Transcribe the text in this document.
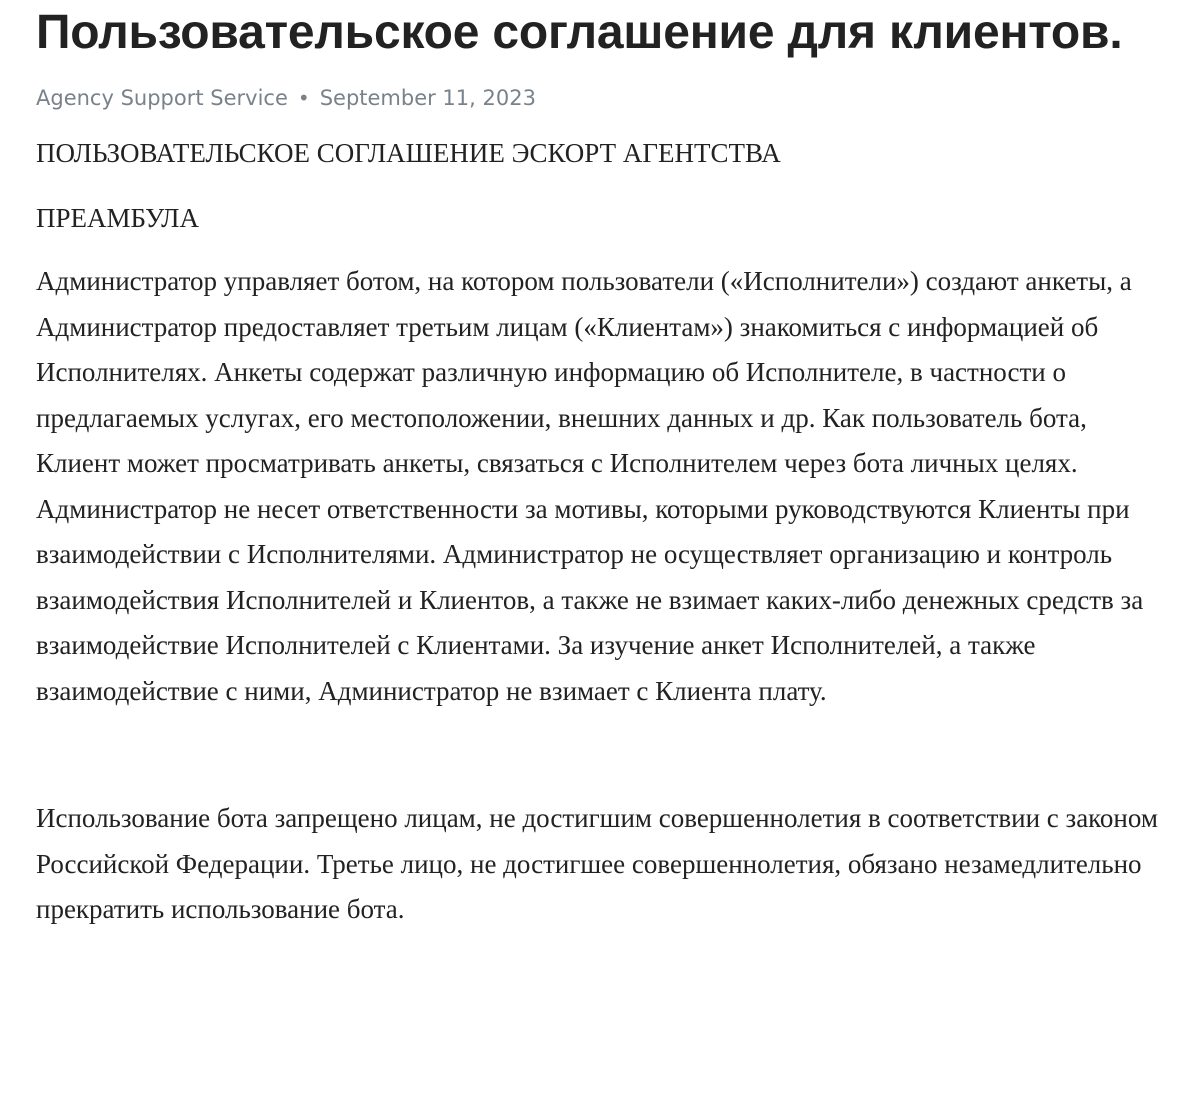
Пользовательское соглашение для клиентов.
Agency Support Service • September 11, 2023

ПОЛЬЗОВАТЕЛЬСКОЕ СОГЛАШЕНИЕ ЭСКОРТ АГЕНТСТВА

ПРЕАМБУЛА

Администратор управляет ботом, на котором пользователи («Исполнители») создают анкеты, а Администратор предоставляет третьим лицам («Клиентам») знакомиться с информацией об Исполнителях. Анкеты содержат различную информацию об Исполнителе, в частности о предлагаемых услугах, его местоположении, внешних данных и др. Как пользователь бота, Клиент может просматривать анкеты, связаться с Исполнителем через бота личных целях. Администратор не несет ответственности за мотивы, которыми руководствуются Клиенты при взаимодействии с Исполнителями. Администратор не осуществляет организацию и контроль взаимодействия Исполнителей и Клиентов, а также не взимает каких-либо денежных средств за взаимодействие Исполнителей с Клиентами. За изучение анкет Исполнителей, а также взаимодействие с ними, Администратор не взимает с Клиента плату.

Использование бота запрещено лицам, не достигшим совершеннолетия в соответствии с законом Российской Федерации. Третье лицо, не достигшее совершеннолетия, обязано незамедлительно прекратить использование бота.
